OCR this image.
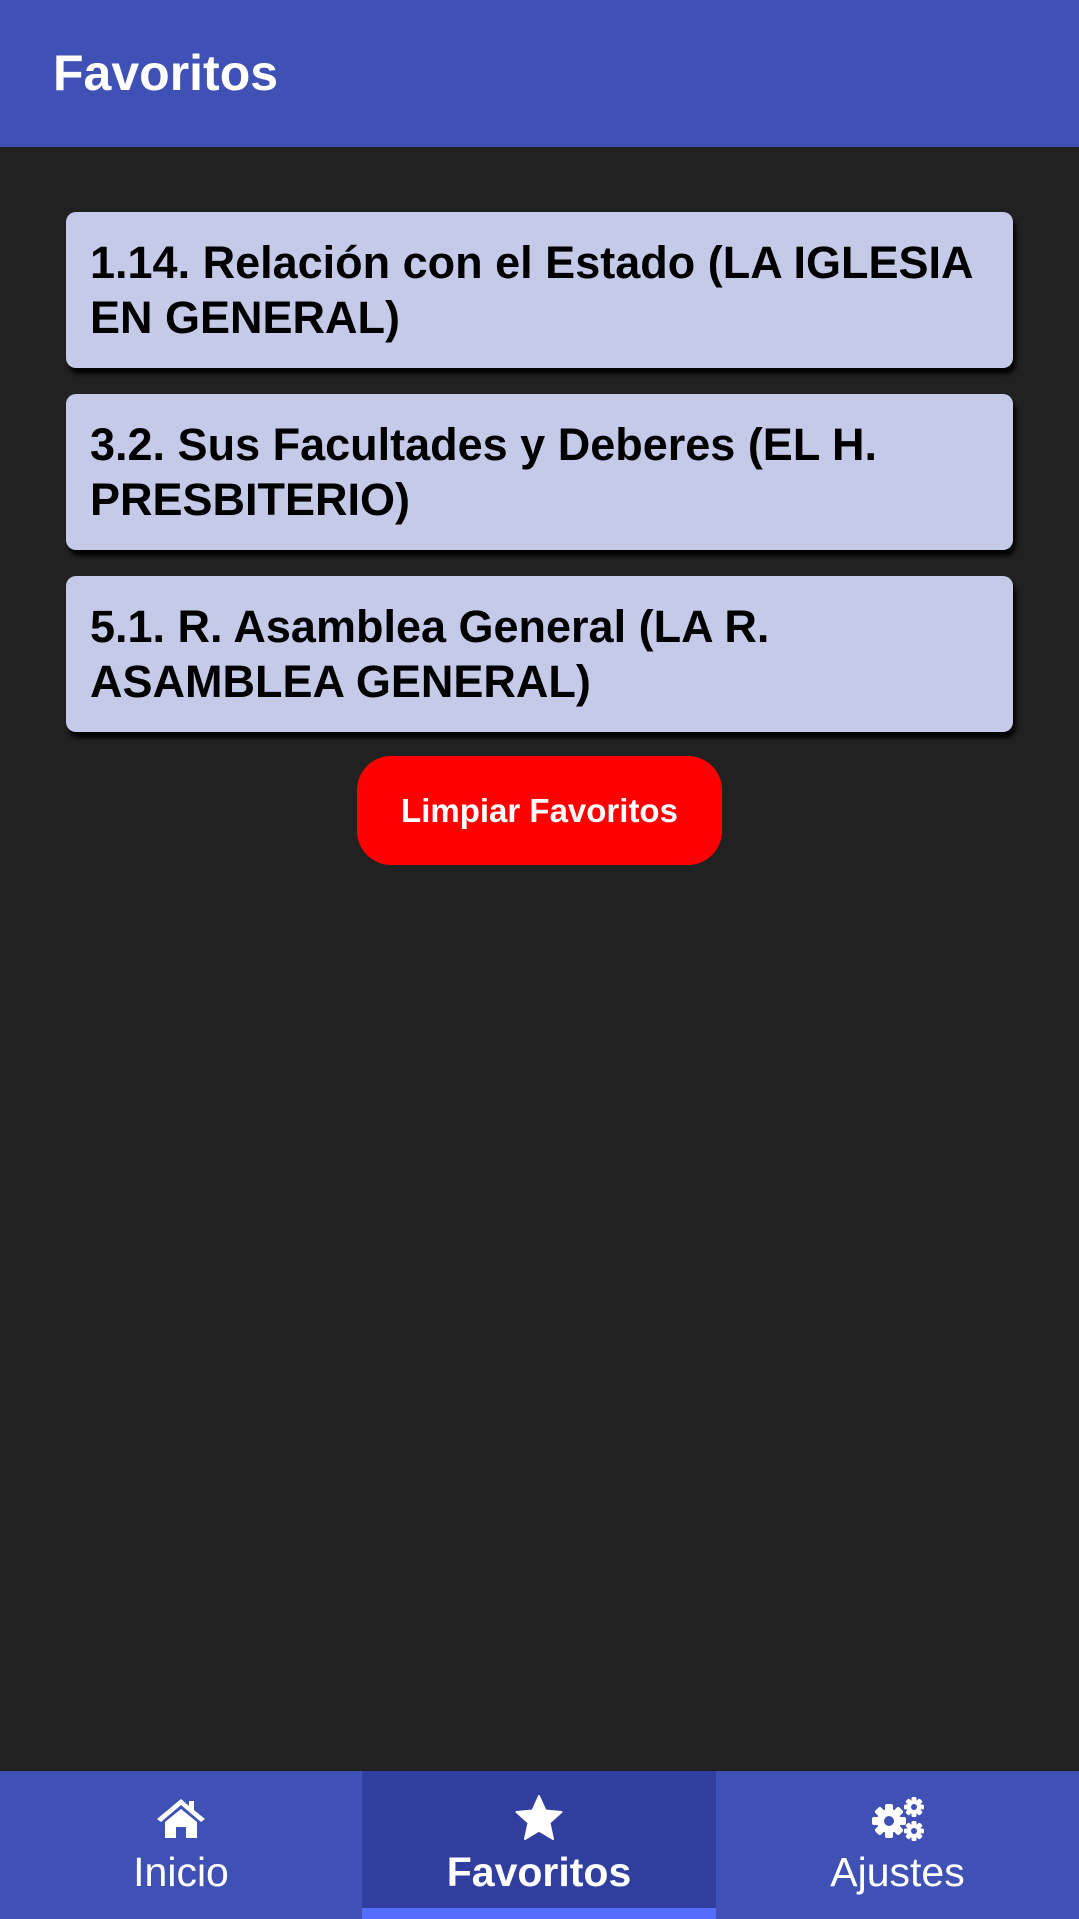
Favoritos
1.14. Relación con el Estado (LA IGLESIA EN GENERAL)
3.2. Sus Facultades y Deberes (EL H. PRESBITERIO)
5.1. R. Asamblea General (LA R. ASAMBLEA GENERAL)
Limpiar Favoritos
Inicio	Favoritos	Ajustes
